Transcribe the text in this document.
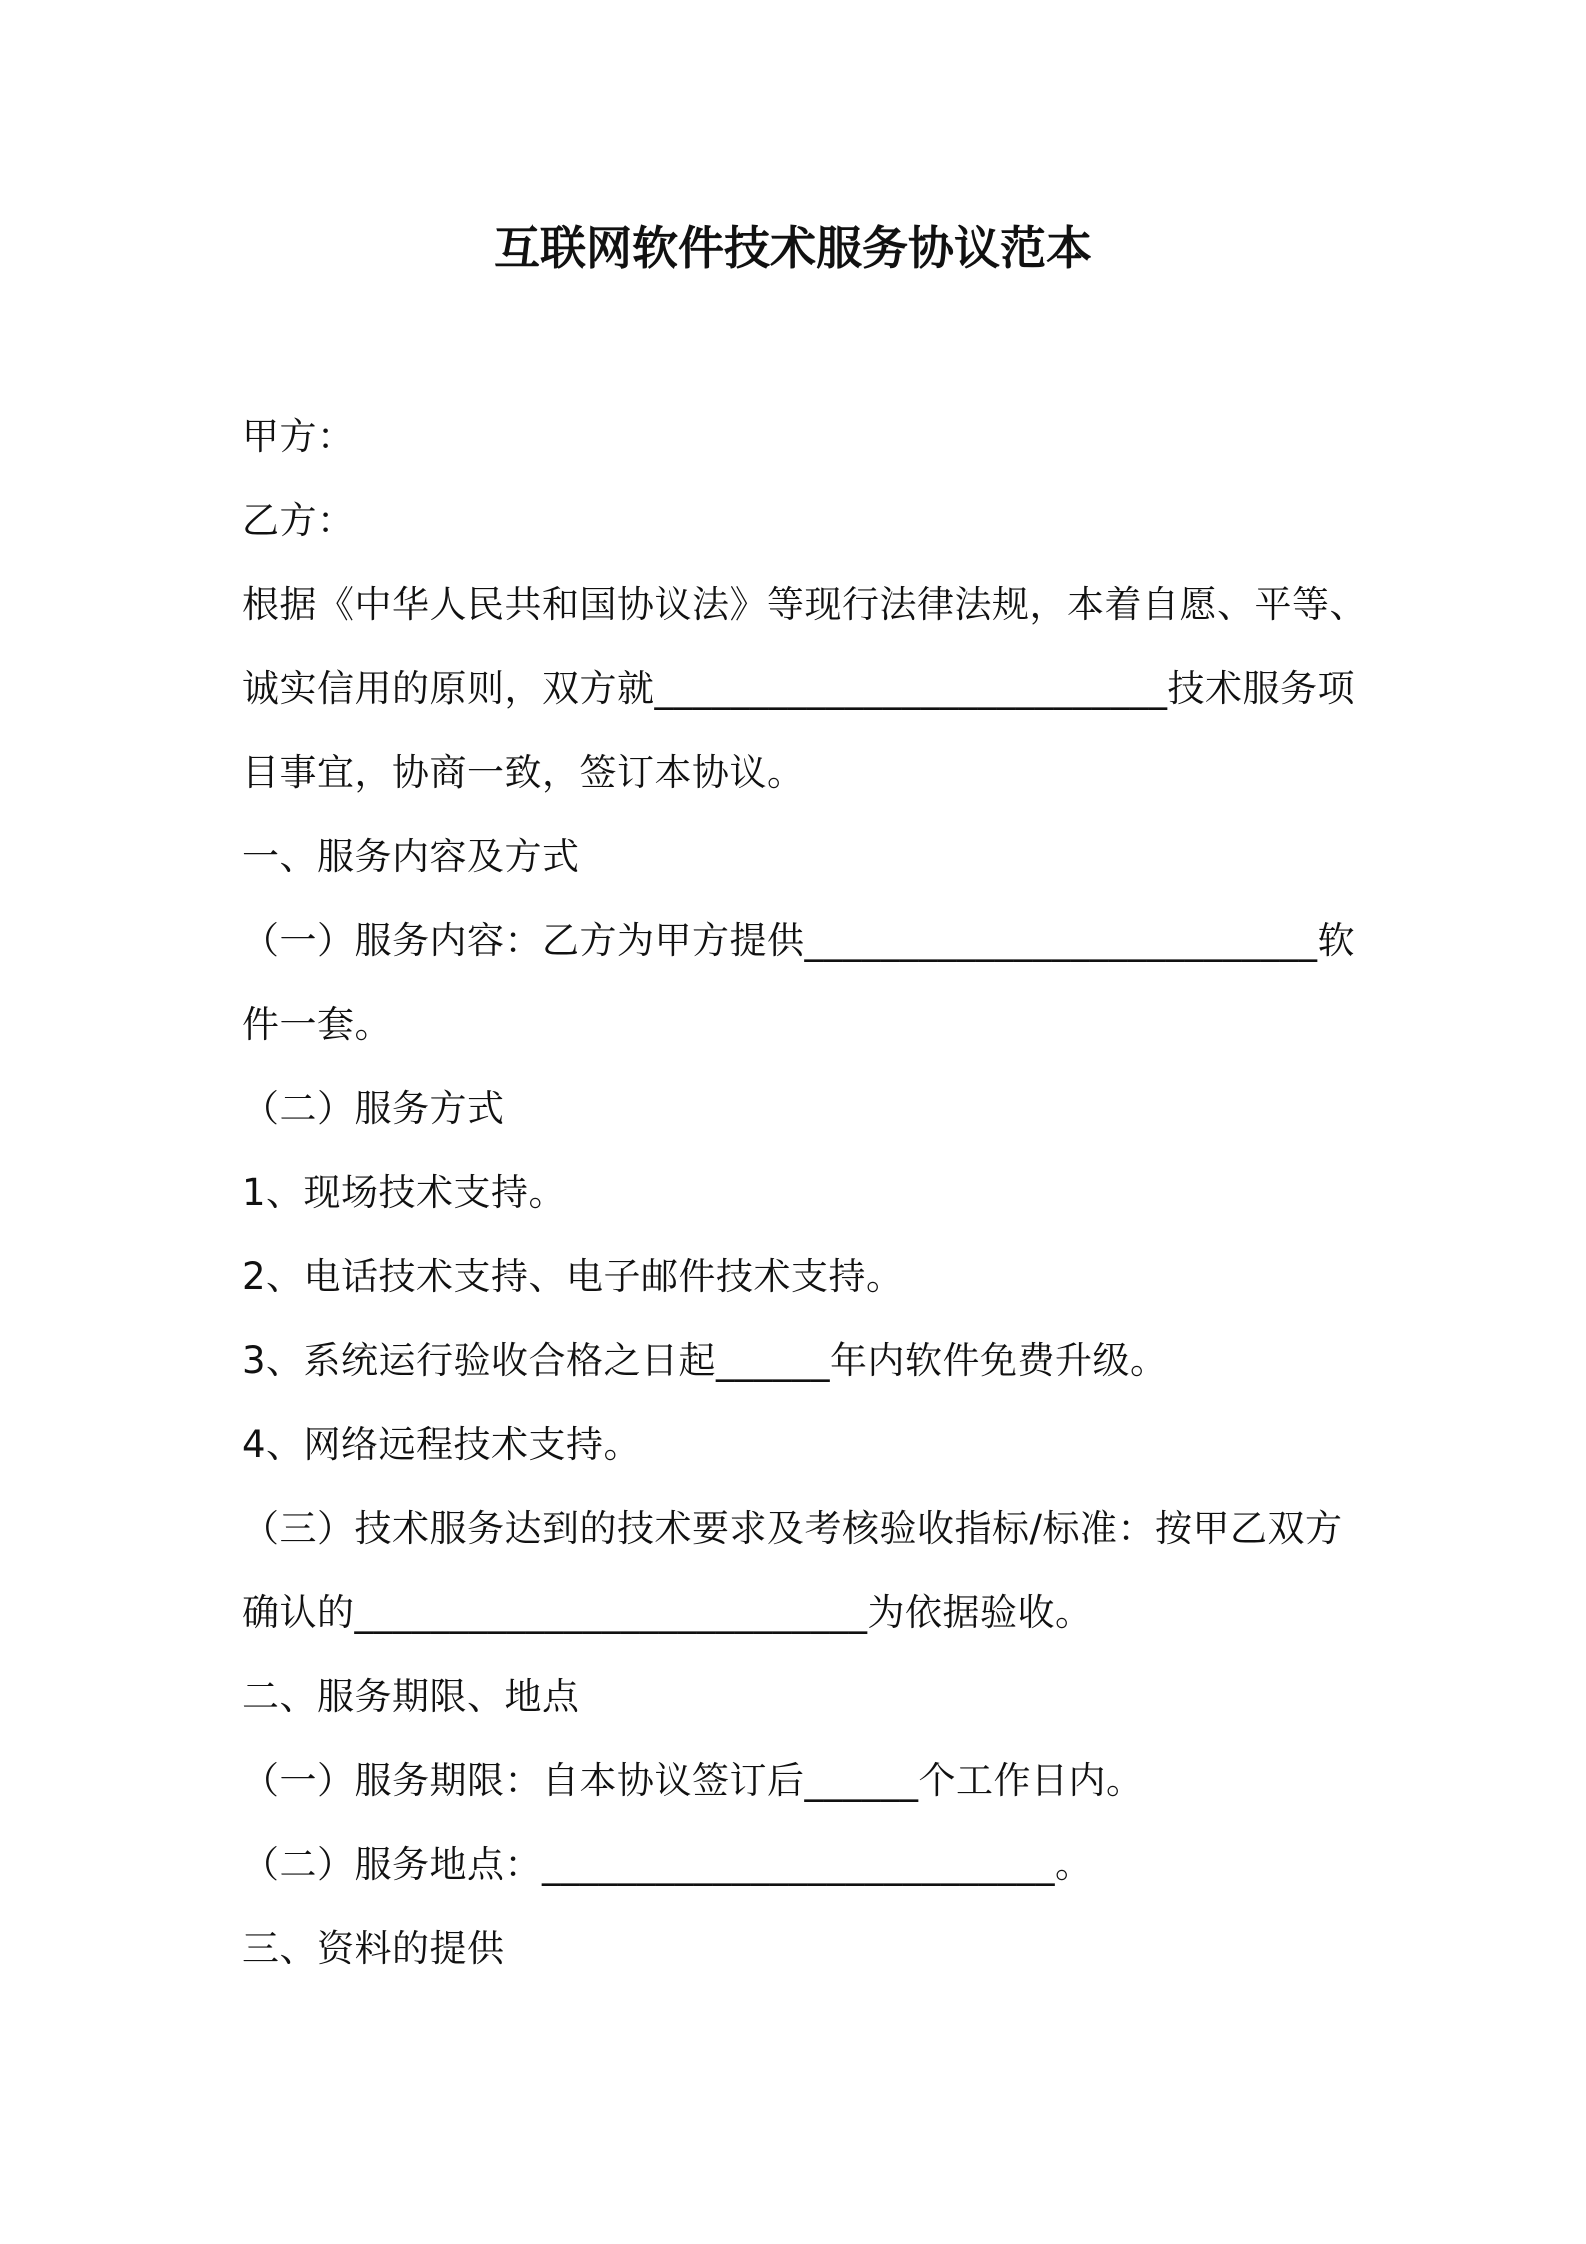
互联网软件技术服务协议范本
甲方：
乙方：
根据《中华人民共和国协议法》等现行法律法规，本着自愿、平等、
诚实信用的原则，双方就___________________________技术服务项
目事宜，协商一致，签订本协议。
一、服务内容及方式
（一）服务内容：乙方为甲方提供___________________________软
件一套。
（二）服务方式
1、现场技术支持。
2、电话技术支持、电子邮件技术支持。
3、系统运行验收合格之日起______年内软件免费升级。
4、网络远程技术支持。
（三）技术服务达到的技术要求及考核验收指标/标准：按甲乙双方
确认的___________________________为依据验收。
二、服务期限、地点
（一）服务期限：自本协议签订后______个工作日内。
（二）服务地点：___________________________。
三、资料的提供
